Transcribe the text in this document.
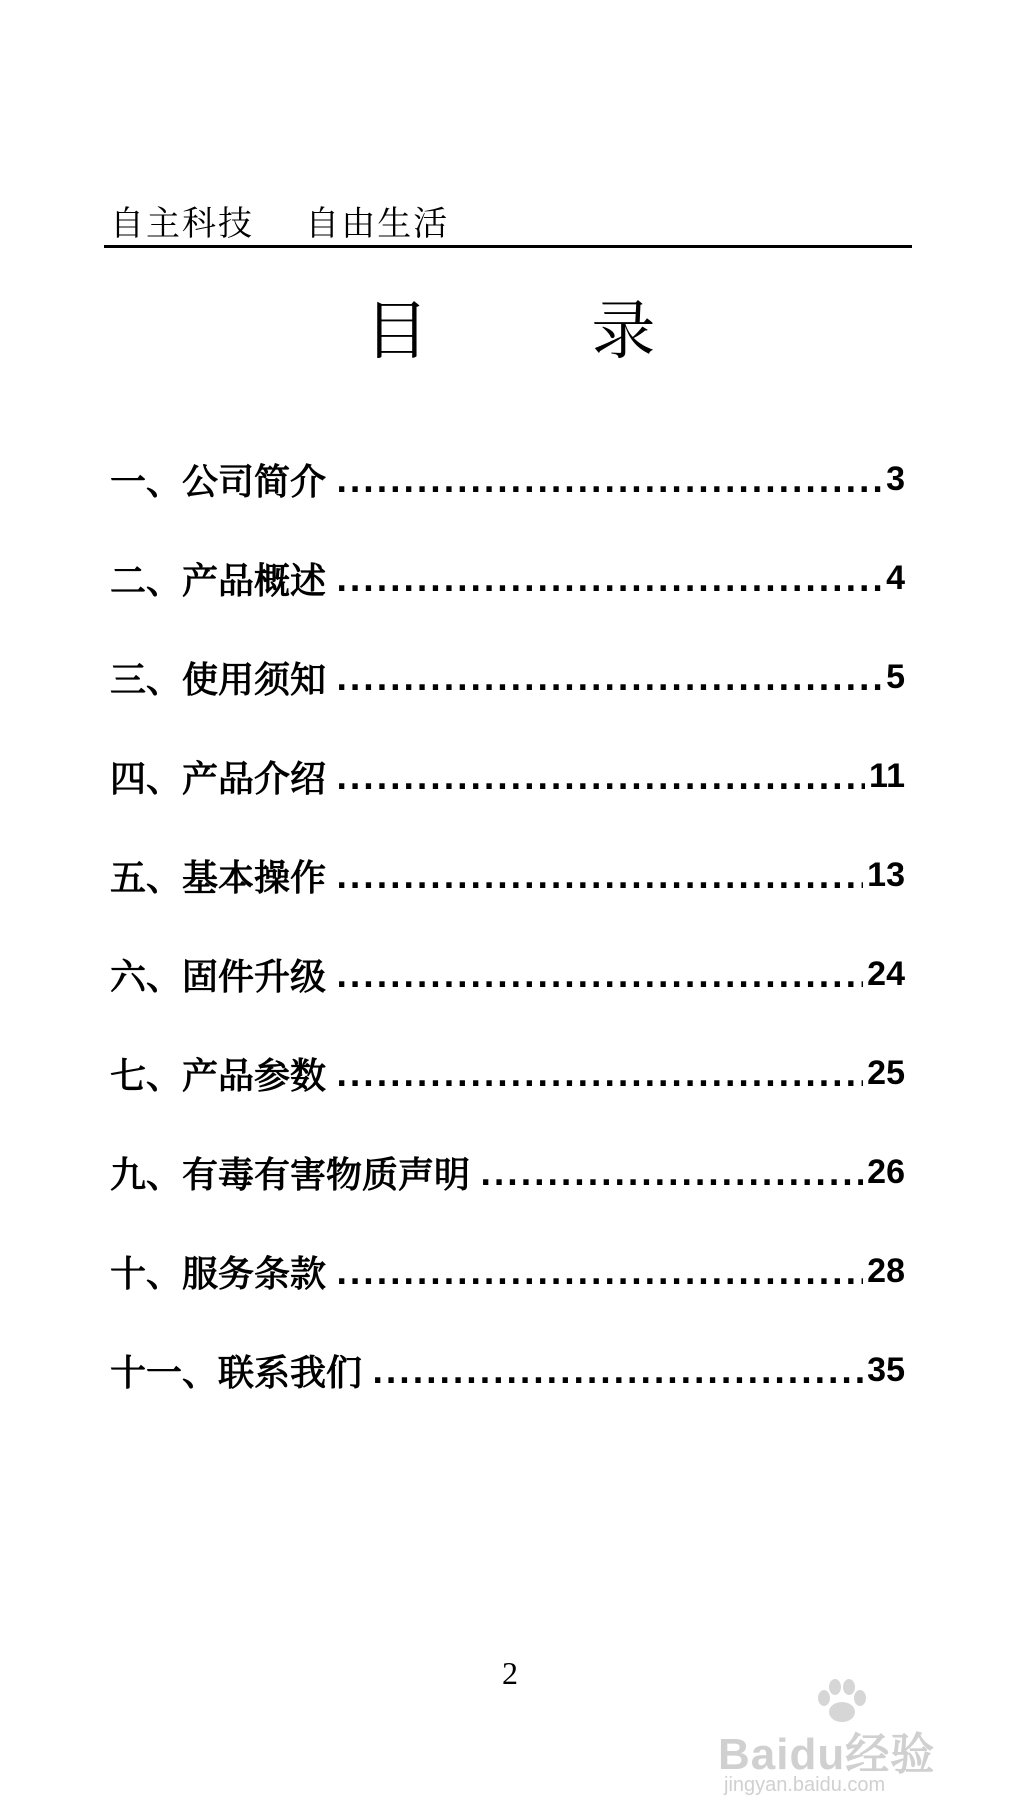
自主科技    自由生活
目        录
一、公司简介 .....	3
二、产品概述 .....	4
三、使用须知 .....	5
四、产品介绍 .....	11
五、基本操作 .....	13
六、固件升级 .....	24
七、产品参数 .....	25
九、有毒有害物质声明 .....	26
十、服务条款 .....	28
十一、联系我们 .....	35
2
Baidu经验
jingyan.baidu.com
